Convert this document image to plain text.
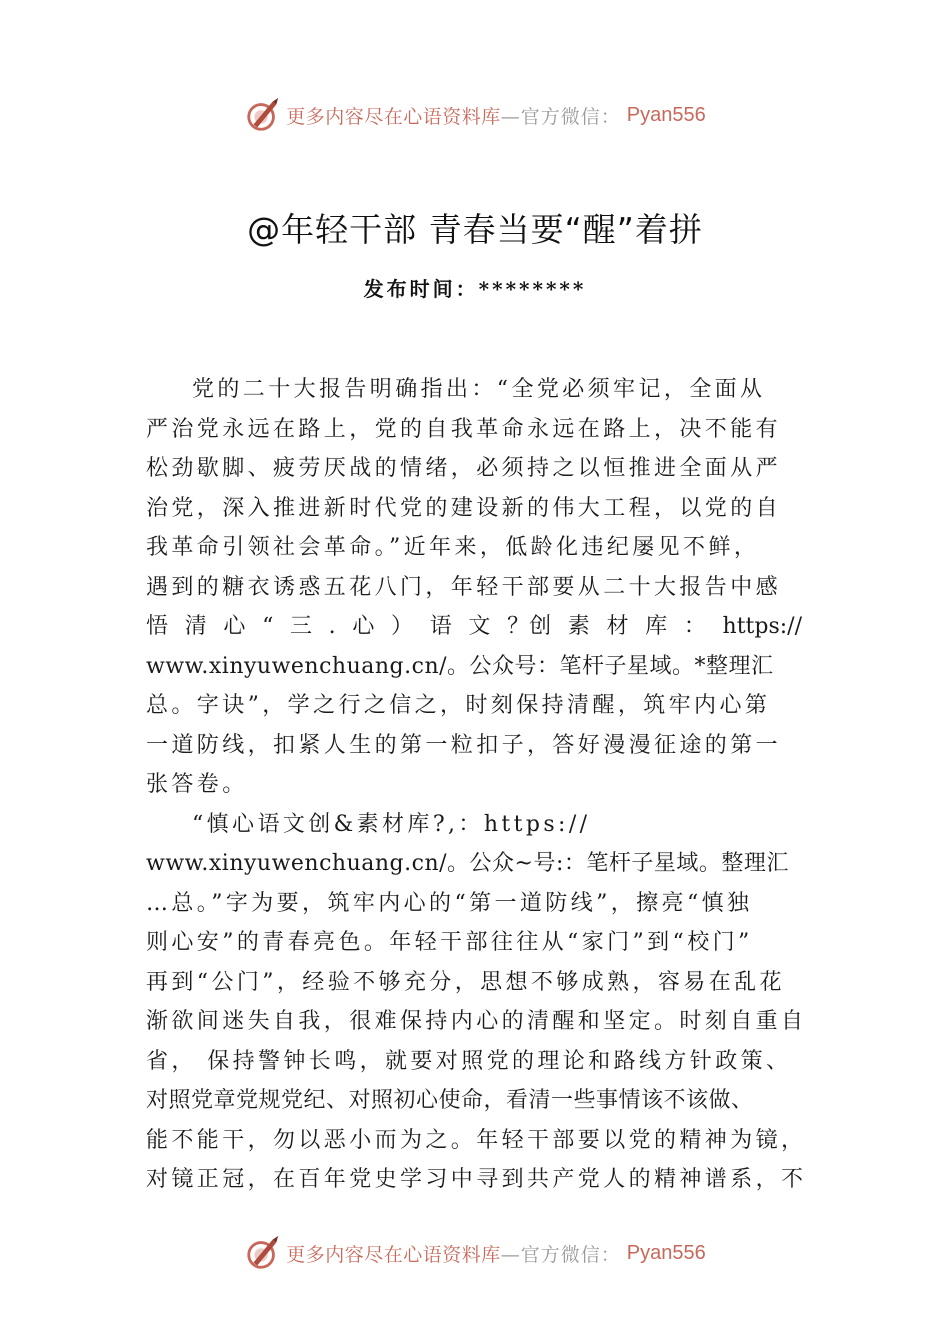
更多内容尽在心语资料库 —官方微信： Pyan556
@年轻干部 青春当要“醒”着拼
发布时间：********
党的二十大报告明确指出：“全党必须牢记，全面从
严治党永远在路上，党的自我革命永远在路上，决不能有
松劲歇脚、疲劳厌战的情绪，必须持之以恒推进全面从严
治党，深入推进新时代党的建设新的伟大工程，以党的自
我革命引领社会革命。”近年来，低龄化违纪屡见不鲜，
遇到的糖衣诱惑五花八门，年轻干部要从二十大报告中感
悟 清 心 “ 三 . 心 ） 语 文 ？创 素 材 库 ： https://
www.xinyuwenchuang.cn/。公众号：笔杆子星域。*整理汇
总。字诀”，学之行之信之，时刻保持清醒，筑牢内心第
一道防线，扣紧人生的第一粒扣子，答好漫漫征途的第一
张答卷。
“慎心语文创&素材库?,：https://
www.xinyuwenchuang.cn/。公众~号:：笔杆子星域。整理汇
…总。”字为要，筑牢内心的“第一道防线”，擦亮“慎独
则心安”的青春亮色。年轻干部往往从“家门”到“校门”
再到“公门”，经验不够充分，思想不够成熟，容易在乱花
渐欲间迷失自我，很难保持内心的清醒和坚定。时刻自重自
省， 保持警钟长鸣，就要对照党的理论和路线方针政策、
对照党章党规党纪、对照初心使命，看清一些事情该不该做、
能不能干，勿以恶小而为之。年轻干部要以党的精神为镜，
对镜正冠，在百年党史学习中寻到共产党人的精神谱系，不
更多内容尽在心语资料库 —官方微信： Pyan556
